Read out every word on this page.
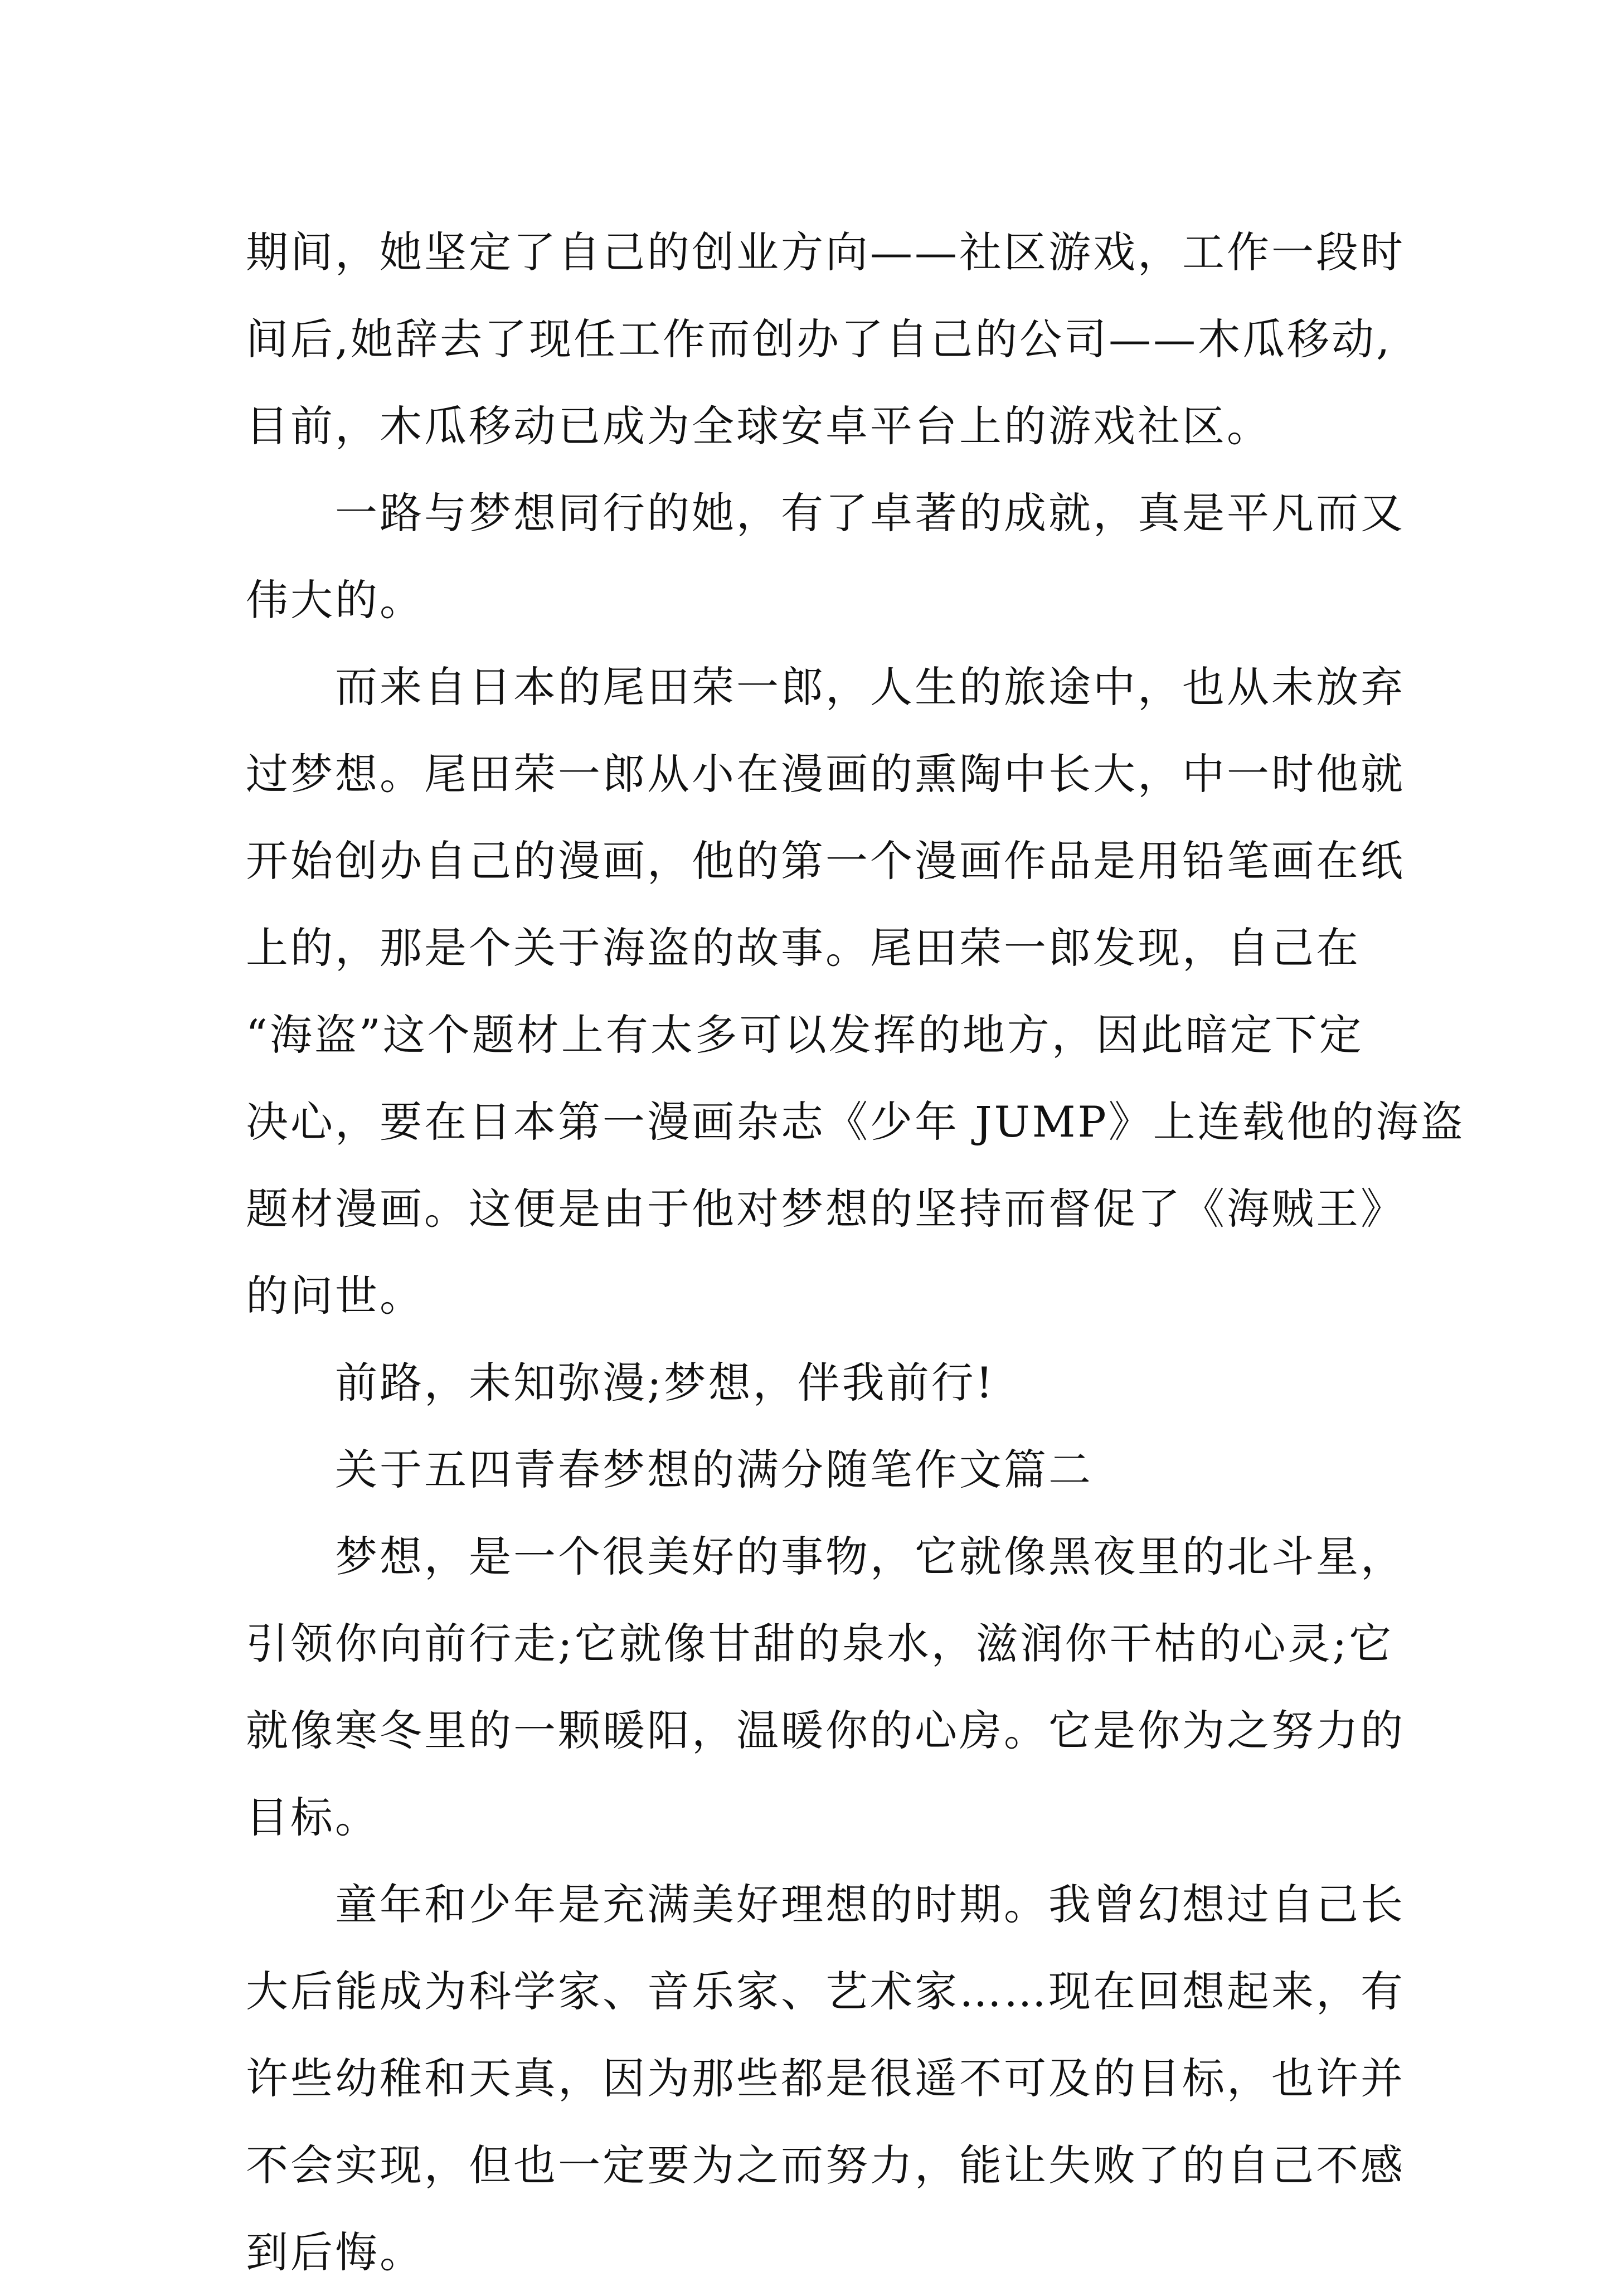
期间，她坚定了自己的创业方向——社区游戏，工作一段时
间后,她辞去了现任工作而创办了自己的公司——木瓜移动,
目前，木瓜移动已成为全球安卓平台上的游戏社区。
一路与梦想同行的她，有了卓著的成就，真是平凡而又
伟大的。
而来自日本的尾田荣一郎，人生的旅途中，也从未放弃
过梦想。尾田荣一郎从小在漫画的熏陶中长大，中一时他就
开始创办自己的漫画，他的第一个漫画作品是用铅笔画在纸
上的，那是个关于海盗的故事。尾田荣一郎发现，自己在
“海盗”这个题材上有太多可以发挥的地方，因此暗定下定
决心，要在日本第一漫画杂志《少年 JUMP》上连载他的海盗
题材漫画。这便是由于他对梦想的坚持而督促了《海贼王》
的问世。
前路，未知弥漫;梦想，伴我前行!
关于五四青春梦想的满分随笔作文篇二
梦想，是一个很美好的事物，它就像黑夜里的北斗星，
引领你向前行走;它就像甘甜的泉水，滋润你干枯的心灵;它
就像寒冬里的一颗暖阳，温暖你的心房。它是你为之努力的
目标。
童年和少年是充满美好理想的时期。我曾幻想过自己长
大后能成为科学家、音乐家、艺术家……现在回想起来，有
许些幼稚和天真，因为那些都是很遥不可及的目标，也许并
不会实现，但也一定要为之而努力，能让失败了的自己不感
到后悔。
